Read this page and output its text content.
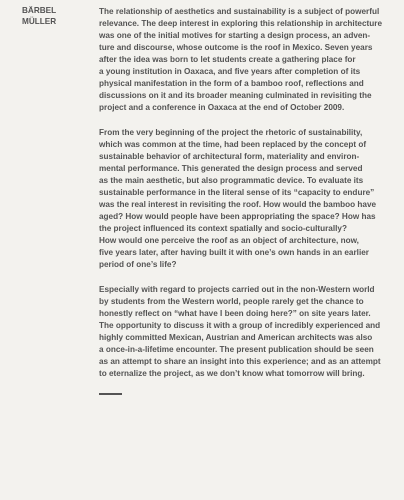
BÄRBEL
MÜLLER
The relationship of aesthetics and sustainability is a subject of powerful
relevance. The deep interest in exploring this relationship in architecture
was one of the initial motives for starting a design process, an adven-
ture and discourse, whose outcome is the roof in Mexico. Seven years
after the idea was born to let students create a gathering place for
a young institution in Oaxaca, and five years after completion of its
physical manifestation in the form of a bamboo roof, reflections and
discussions on it and its broader meaning culminated in revisiting the
project and a conference in Oaxaca at the end of October 2009.
From the very beginning of the project the rhetoric of sustainability,
which was common at the time, had been replaced by the concept of
sustainable behavior of architectural form, materiality and environ-
mental performance. This generated the design process and served
as the main aesthetic, but also programmatic device. To evaluate its
sustainable performance in the literal sense of its “capacity to endure”
was the real interest in revisiting the roof. How would the bamboo have
aged? How would people have been appropriating the space? How has
the project influenced its context spatially and socio-culturally?
How would one perceive the roof as an object of architecture, now,
five years later, after having built it with one’s own hands in an earlier
period of one’s life?
Especially with regard to projects carried out in the non-Western world
by students from the Western world, people rarely get the chance to
honestly reflect on “what have I been doing here?” on site years later.
The opportunity to discuss it with a group of incredibly experienced and
highly committed Mexican, Austrian and American architects was also
a once-in-a-lifetime encounter. The present publication should be seen
as an attempt to share an insight into this experience; and as an attempt
to eternalize the project, as we don’t know what tomorrow will bring.
